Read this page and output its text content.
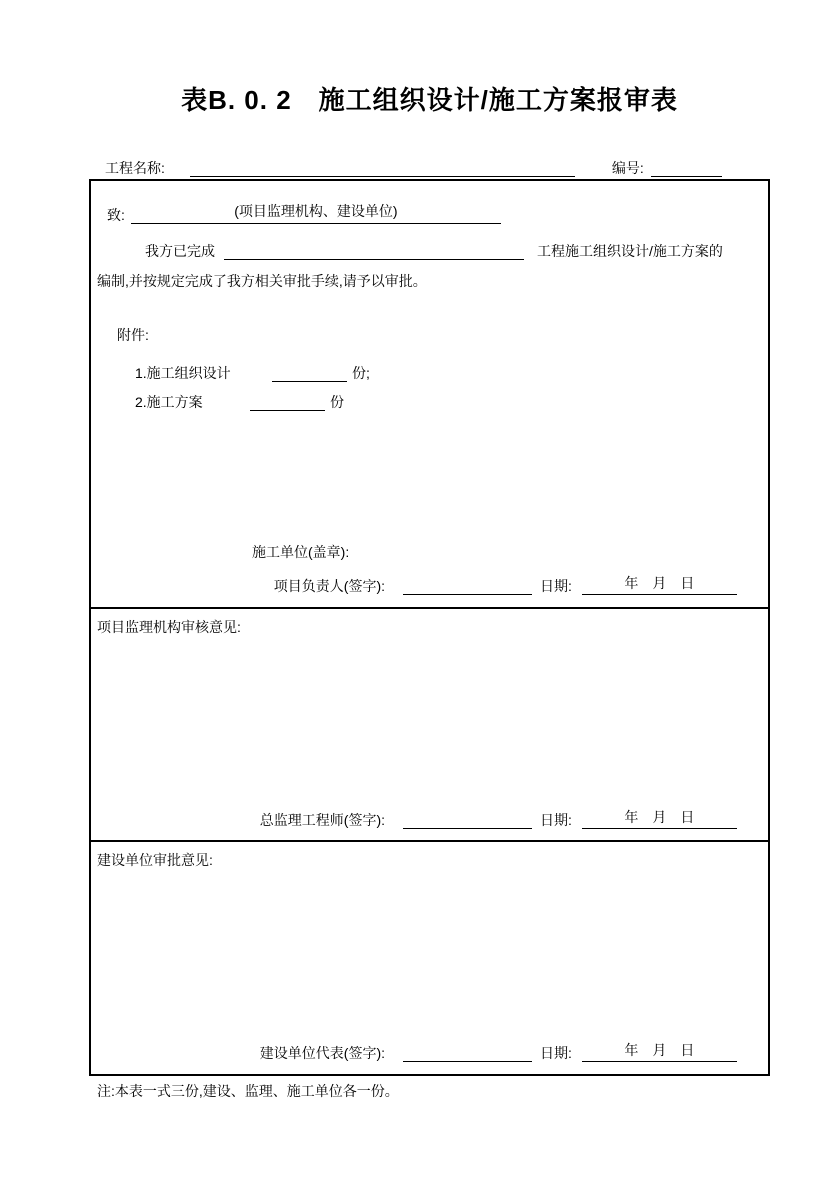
表B. 0. 2　施工组织设计/施工方案报审表
工程名称:	编号:
致:	(项目监理机构、建设单位)
我方已完成	工程施工组织设计/施工方案的
编制,并按规定完成了我方相关审批手续,请予以审批。
附件:
1.施工组织设计	份;
2.施工方案	份
施工单位(盖章):
项目负责人(签字):	日期:	年　月　日
项目监理机构审核意见:
总监理工程师(签字):	日期:	年　月　日
建设单位审批意见:
建设单位代表(签字):	日期:	年　月　日
注:本表一式三份,建设、监理、施工单位各一份。
